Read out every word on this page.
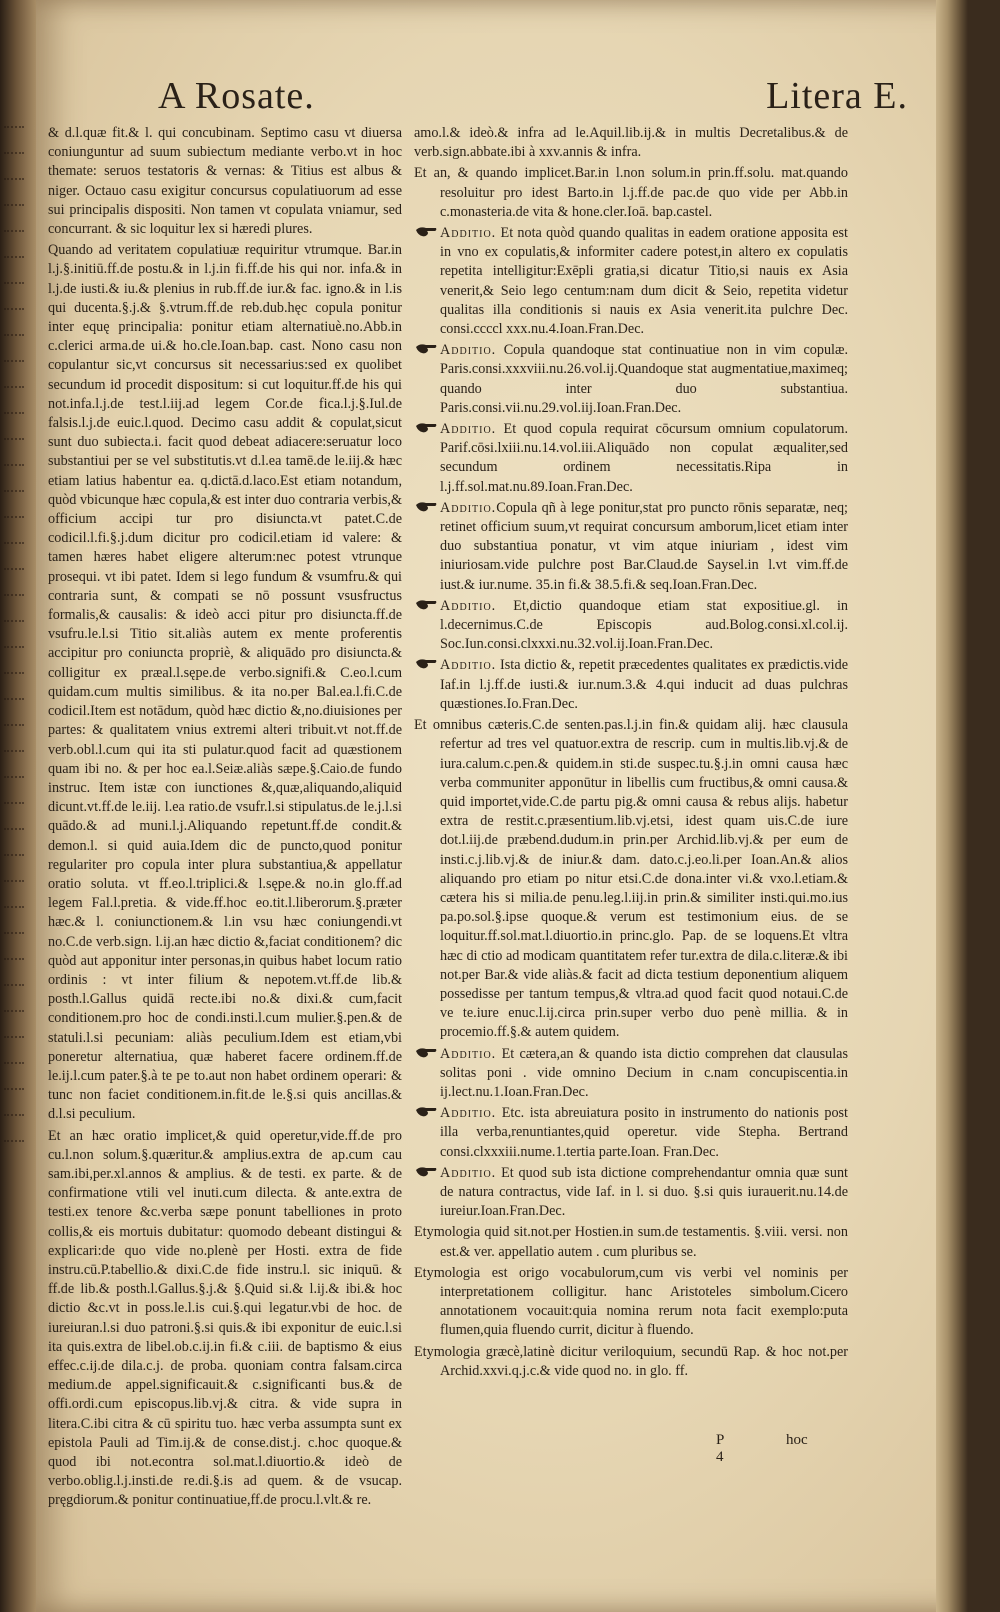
A Rosate.	Litera E.

& d.l.quæ fit.& l. qui concubinam. Septimo casu vt diuersa coniunguntur ad suum subiectum mediante verbo.vt in hoc themate: seruos testatoris & vernas: & Titius est albus & niger. Octauo casu exigitur concursus copulatiuorum ad esse sui principalis dispositi. Non tamen vt copulata vniamur, sed concurrant. & sic loquitur lex si hæredi plures.

Quando ad veritatem copulatiuæ requiritur vtrumque. Bar.in l.j.§.initiū.ff.de postu.& in l.j.in fi.ff.de his qui nor. infa.& in l.j.de iusti.& iu.& plenius in rub.ff.de iur.& fac. igno.& in l.is qui ducenta.§.j.& §.vtrum.ff.de reb.dub.hęc copula ponitur inter equę principalia: ponitur etiam alternatiuè.no.Abb.in c.clerici arma.de ui.& ho.cle.Ioan.bap. cast. Nono casu non copulantur sic,vt concursus sit necessarius:sed ex quolibet secundum id procedit dispositum: si cut loquitur.ff.de his qui not.infa.l.j.de test.l.iij.ad legem Cor.de fica.l.j.§.Iul.de falsis.l.j.de euic.l.quod. Decimo casu addit & copulat,sicut sunt duo subiecta.i. facit quod debeat adiacere:seruatur loco substantiui per se vel substitutis.vt d.l.ea tamē.de le.iij.& hæc etiam latius habentur ea. q.dictā.d.laco.Est etiam notandum, quòd vbicunque hæc copula,& est inter duo contraria verbis,& officium accipi tur pro disiuncta.vt patet.C.de codicil.l.fi.§.j.dum dicitur pro codicil.etiam id valere: & tamen hæres habet eligere alterum:nec potest vtrunque prosequi. vt ibi patet. Idem si lego fundum & vsumfru.& qui contraria sunt, & compati se nō possunt vsusfructus formalis,& causalis: & ideò acci pitur pro disiuncta.ff.de vsufru.le.l.si Titio sit.aliàs autem ex mente proferentis accipitur pro coniuncta propriè, & aliquādo pro disiuncta.& colligitur ex præal.l.sępe.de verbo.signifi.& C.eo.l.cum quidam.cum multis similibus. & ita no.per Bal.ea.l.fi.C.de codicil.Item est notādum, quòd hæc dictio &,no.diuisiones per partes: & qualitatem vnius extremi alteri tribuit.vt not.ff.de verb.obl.l.cum qui ita sti pulatur.quod facit ad quæstionem quam ibi no. & per hoc ea.l.Seiæ.aliàs sæpe.§.Caio.de fundo instruc. Item istæ con iunctiones &,quæ,aliquando,aliquid dicunt.vt.ff.de le.iij. l.ea ratio.de vsufr.l.si stipulatus.de le.j.l.si quādo.& ad muni.l.j.Aliquando repetunt.ff.de condit.& demon.l. si quid auia.Idem dic de puncto,quod ponitur regulariter pro copula inter plura substantiua,& appellatur oratio soluta. vt ff.eo.l.triplici.& l.sępe.& no.in glo.ff.ad legem Fal.l.pretia. & vide.ff.hoc eo.tit.l.liberorum.§.præter hæc.& l. coniunctionem.& l.in vsu hæc coniungendi.vt no.C.de verb.sign. l.ij.an hæc dictio &,faciat conditionem? dic quòd aut apponitur inter personas,in quibus habet locum ratio ordinis : vt inter filium & nepotem.vt.ff.de lib.& posth.l.Gallus quidā recte.ibi no.& dixi.& cum,facit conditionem.pro hoc de condi.insti.l.cum mulier.§.pen.& de statuli.l.si pecuniam: aliàs peculium.Idem est etiam,vbi poneretur alternatiua, quæ haberet facere ordinem.ff.de le.ij.l.cum pater.§.à te pe to.aut non habet ordinem operari: & tunc non faciet conditionem.in.fit.de le.§.si quis ancillas.& d.l.si peculium.

Et an hæc oratio implicet,& quid operetur,vide.ff.de pro cu.l.non solum.§.quæritur.& amplius.extra de ap.cum cau sam.ibi,per.xl.annos & amplius. & de testi. ex parte. & de confirmatione vtili vel inuti.cum dilecta. & ante.extra de testi.ex tenore &c.verba sæpe ponunt tabelliones in proto collis,& eis mortuis dubitatur: quomodo debeant distingui & explicari:de quo vide no.plenè per Hosti. extra de fide instru.cū.P.tabellio.& dixi.C.de fide instru.l. sic iniquū. & ff.de lib.& posth.l.Gallus.§.j.& §.Quid si.& l.ij.& ibi.& hoc dictio &c.vt in poss.le.l.is cui.§.qui legatur.vbi de hoc. de iureiuran.l.si duo patroni.§.si quis.& ibi exponitur de euic.l.si ita quis.extra de libel.ob.c.ij.in fi.& c.iii. de baptismo & eius effec.c.ij.de dila.c.j. de proba. quoniam contra falsam.circa medium.de appel.significauit.& c.significanti bus.& de offi.ordi.cum episcopus.lib.vj.& citra. & vide supra in litera.C.ibi citra & cū spiritu tuo. hæc verba assumpta sunt ex epistola Pauli ad Tim.ij.& de conse.dist.j. c.hoc quoque.& quod ibi not.econtra sol.mat.l.diuortio.& ideò de verbo.oblig.l.j.insti.de re.di.§.is ad quem. & de vsucap. pręgdiorum.& ponitur continuatiue,ff.de procu.l.vlt.& re.

amo.l.& ideò.& infra ad le.Aquil.lib.ij.& in multis Decretalibus.& de verb.sign.abbate.ibi à xxv.annis & infra.

Et an, & quando implicet.Bar.in l.non solum.in prin.ff.solu. mat.quando resoluitur pro idest Barto.in l.j.ff.de pac.de quo vide per Abb.in c.monasteria.de vita & hone.cler.Ioā. bap.castel.

Additio. Et nota quòd quando qualitas in eadem oratione apposita est in vno ex copulatis,& informiter cadere potest,in altero ex copulatis repetita intelligitur:Exēpli gratia,si dicatur Titio,si nauis ex Asia venerit,& Seio lego centum:nam dum dicit & Seio, repetita videtur qualitas illa conditionis si nauis ex Asia venerit.ita pulchre Dec. consi.ccccl xxx.nu.4.Ioan.Fran.Dec.

Additio. Copula quandoque stat continuatiue non in vim copulæ. Paris.consi.xxxviii.nu.26.vol.ij.Quandoque stat augmentatiue,maximeq; quando inter duo substantiua. Paris.consi.vii.nu.29.vol.iij.Ioan.Fran.Dec.

Additio. Et quod copula requirat cōcursum omnium copulatorum. Parif.cōsi.lxiii.nu.14.vol.iii.Aliquādo non copulat æqualiter,sed secundum ordinem necessitatis.Ripa in l.j.ff.sol.mat.nu.89.Ioan.Fran.Dec.

Additio.Copula qñ à lege ponitur,stat pro puncto rōnis separatæ, neq; retinet officium suum,vt requirat concursum amborum,licet etiam inter duo substantiua ponatur, vt vim atque iniuriam , idest vim iniuriosam.vide pulchre post Bar.Claud.de Saysel.in l.vt vim.ff.de iust.& iur.nume. 35.in fi.& 38.5.fi.& seq.Ioan.Fran.Dec.

Additio. Et,dictio quandoque etiam stat expositiue.gl. in l.decernimus.C.de Episcopis aud.Bolog.consi.xl.col.ij. Soc.Iun.consi.clxxxi.nu.32.vol.ij.Ioan.Fran.Dec.

Additio. Ista dictio &, repetit præcedentes qualitates ex prædictis.vide Iaf.in l.j.ff.de iusti.& iur.num.3.& 4.qui inducit ad duas pulchras quæstiones.Io.Fran.Dec.

Et omnibus cæteris.C.de senten.pas.l.j.in fin.& quidam alij. hæc clausula refertur ad tres vel quatuor.extra de rescrip. cum in multis.lib.vj.& de iura.calum.c.pen.& quidem.in sti.de suspec.tu.§.j.in omni causa hæc verba communiter apponūtur in libellis cum fructibus,& omni causa.& quid importet,vide.C.de partu pig.& omni causa & rebus alijs. habetur extra de restit.c.præsentium.lib.vj.etsi, idest quam uis.C.de iure dot.l.iij.de præbend.dudum.in prin.per Archid.lib.vj.& per eum de insti.c.j.lib.vj.& de iniur.& dam. dato.c.j.eo.li.per Ioan.An.& alios aliquando pro etiam po nitur etsi.C.de dona.inter vi.& vxo.l.etiam.& cætera his si milia.de penu.leg.l.iij.in prin.& similiter insti.qui.mo.ius pa.po.sol.§.ipse quoque.& verum est testimonium eius. de se loquitur.ff.sol.mat.l.diuortio.in princ.glo. Pap. de se loquens.Et vltra hæc di ctio ad modicam quantitatem refer tur.extra de dila.c.literæ.& ibi not.per Bar.& vide aliàs.& facit ad dicta testium deponentium aliquem possedisse per tantum tempus,& vltra.ad quod facit quod notaui.C.de ve te.iure enuc.l.ij.circa prin.super verbo duo penè millia. & in procemio.ff.§.& autem quidem.

Additio. Et cætera,an & quando ista dictio comprehen dat clausulas solitas poni . vide omnino Decium in c.nam concupiscentia.in ij.lect.nu.1.Ioan.Fran.Dec.

Additio. Etc. ista abreuiatura posito in instrumento do nationis post illa verba,renuntiantes,quid operetur. vide Stepha. Bertrand consi.clxxxiii.nume.1.tertia parte.Ioan. Fran.Dec.

Additio. Et quod sub ista dictione comprehendantur omnia quæ sunt de natura contractus, vide Iaf. in l. si duo. §.si quis iurauerit.nu.14.de iureiur.Ioan.Fran.Dec.

Etymologia quid sit.not.per Hostien.in sum.de testamentis. §.viii. versi. non est.& ver. appellatio autem . cum pluribus se.

Etymologia est origo vocabulorum,cum vis verbi vel nominis per interpretationem colligitur. hanc Aristoteles simbolum.Cicero annotationem vocauit:quia nomina rerum nota facit exemplo:puta flumen,quia fluendo currit, dicitur à fluendo.

Etymologia græcè,latinè dicitur veriloquium, secundū Rap. & hoc not.per Archid.xxvi.q.j.c.& vide quod no. in glo. ff.

P 4
hoc
